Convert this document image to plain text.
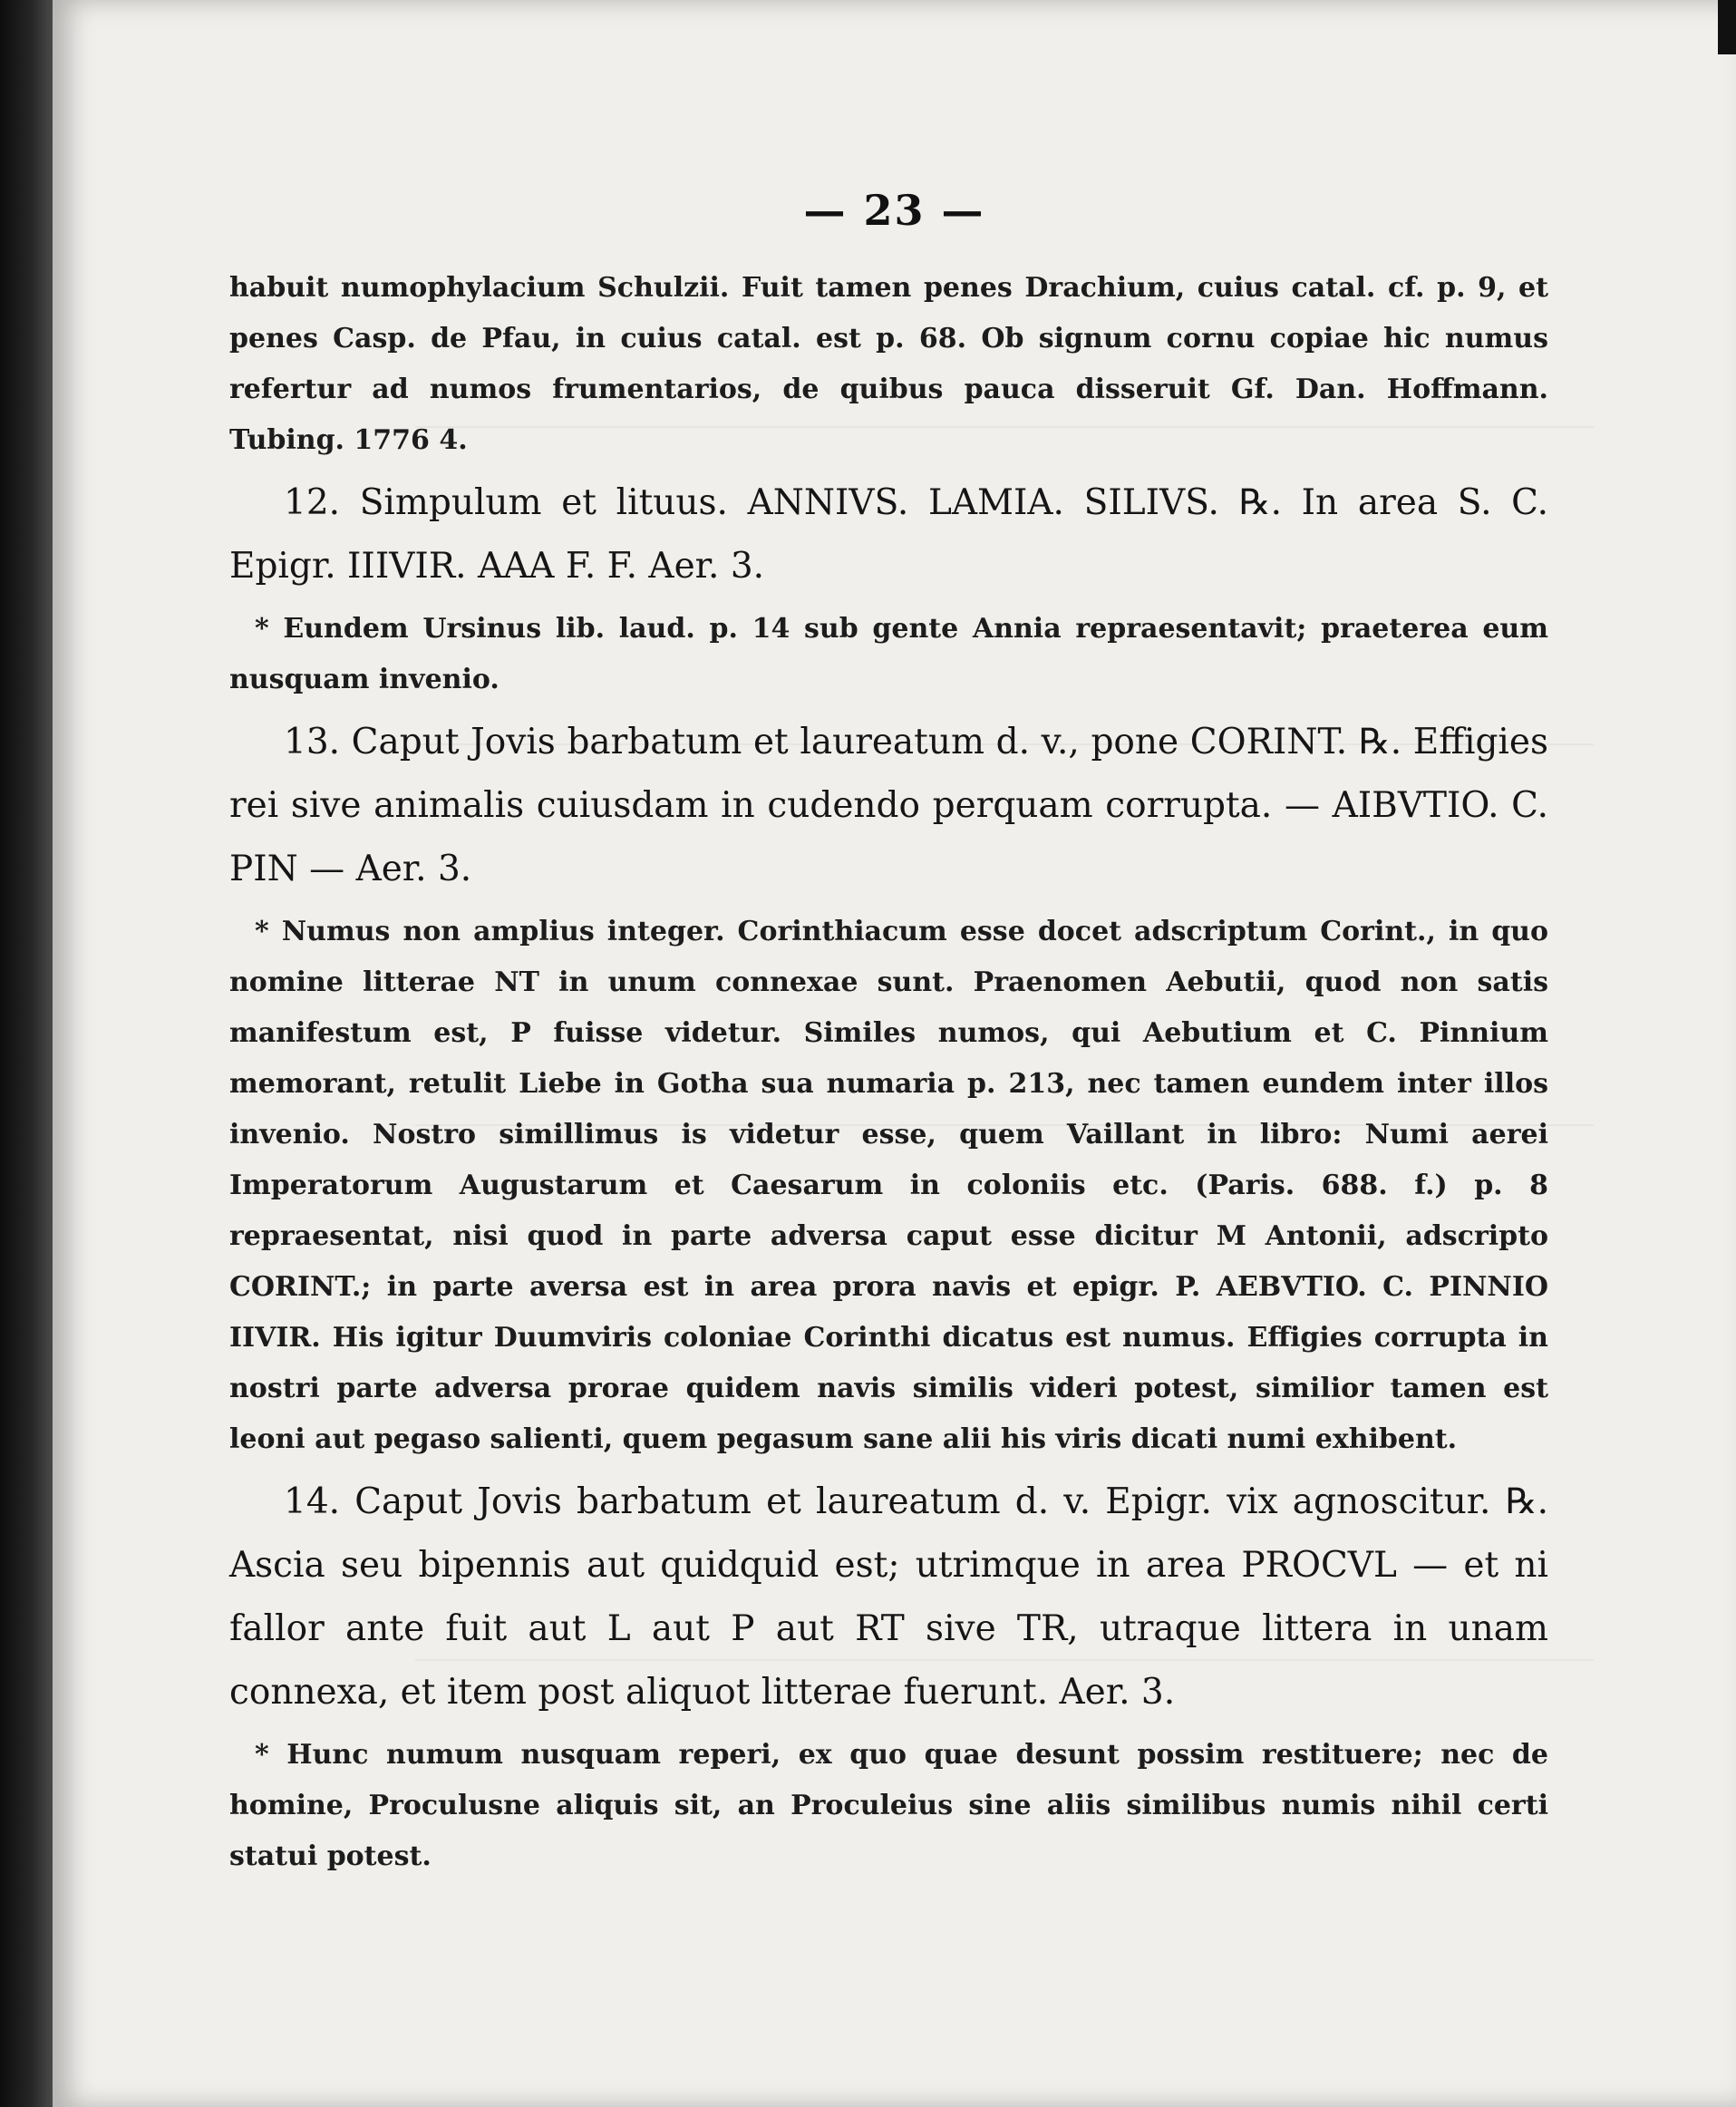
— 23 —

habuit numophylacium Schulzii. Fuit tamen penes Drachium, cuius catal. cf. p. 9, et penes Casp. de Pfau, in cuius catal. est p. 68. Ob signum cornu copiae hic numus refertur ad numos frumentarios, de quibus pauca disseruit Gf. Dan. Hoffmann. Tubing. 1776 4.

12. Simpulum et lituus. ANNIVS. LAMIA. SILIVS. ℞. In area S. C. Epigr. IIIVIR. AAA F. F. Aer. 3.

* Eundem Ursinus lib. laud. p. 14 sub gente Annia repraesentavit; praeterea eum nusquam invenio.

13. Caput Jovis barbatum et laureatum d. v., pone CORINT. ℞. Effigies rei sive animalis cuiusdam in cudendo perquam corrupta. — AIBVTIO. C. PIN — Aer. 3.

* Numus non amplius integer. Corinthiacum esse docet adscriptum Corint., in quo nomine litterae NT in unum connexae sunt. Praenomen Aebutii, quod non satis manifestum est, P fuisse videtur. Similes numos, qui Aebutium et C. Pinnium memorant, retulit Liebe in Gotha sua numaria p. 213, nec tamen eundem inter illos invenio. Nostro simillimus is videtur esse, quem Vaillant in libro: Numi aerei Imperatorum Augustarum et Caesarum in coloniis etc. (Paris. 688. f.) p. 8 repraesentat, nisi quod in parte adversa caput esse dicitur M Antonii, adscripto CORINT.; in parte aversa est in area prora navis et epigr. P. AEBVTIO. C. PINNIO IIVIR. His igitur Duumviris coloniae Corinthi dicatus est numus. Effigies corrupta in nostri parte adversa prorae quidem navis similis videri potest, similior tamen est leoni aut pegaso salienti, quem pegasum sane alii his viris dicati numi exhibent.

14. Caput Jovis barbatum et laureatum d. v. Epigr. vix agnoscitur. ℞. Ascia seu bipennis aut quidquid est; utrimque in area PROCVL — et ni fallor ante fuit aut L aut P aut RT sive TR, utraque littera in unam connexa, et item post aliquot litterae fuerunt. Aer. 3.

* Hunc numum nusquam reperi, ex quo quae desunt possim restituere; nec de homine, Proculusne aliquis sit, an Proculeius sine aliis similibus numis nihil certi statui potest.
